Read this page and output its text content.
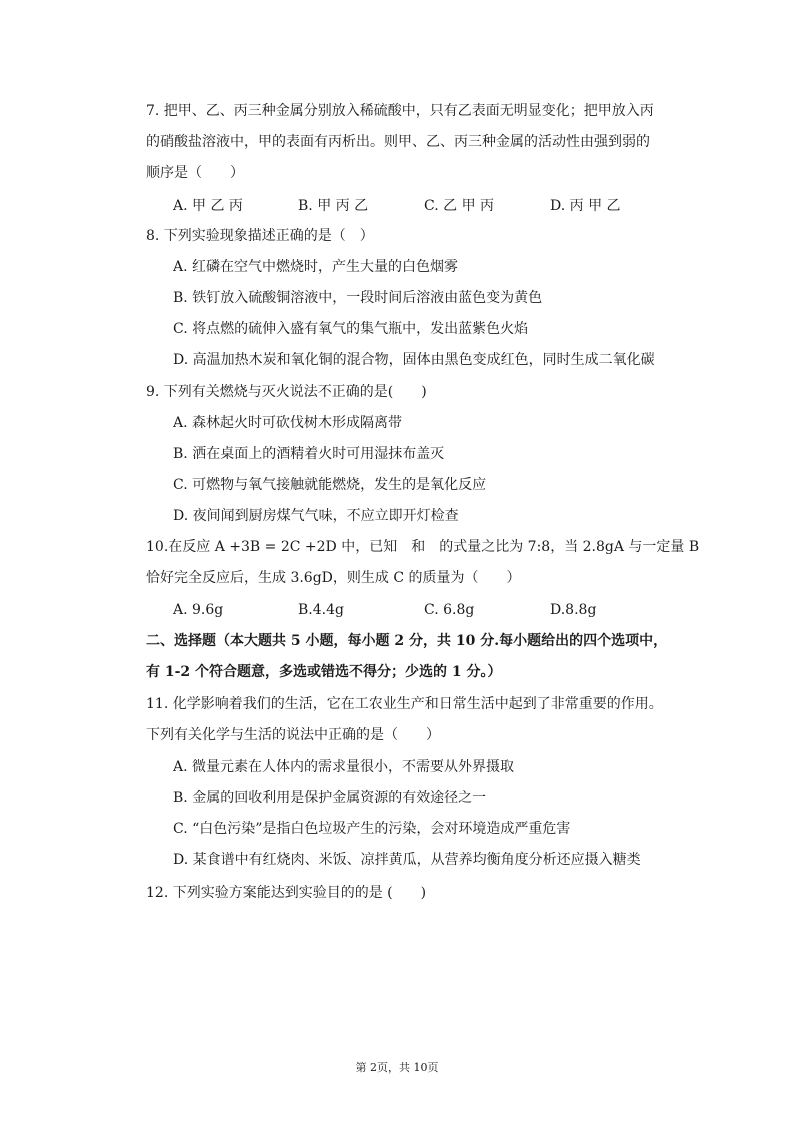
7. 把甲、乙、丙三种金属分别放入稀硫酸中，只有乙表面无明显变化；把甲放入丙
的硝酸盐溶液中，甲的表面有丙析出。则甲、乙、丙三种金属的活动性由强到弱的
顺序是（　　）
A. 甲 乙 丙	B. 甲 丙 乙	C. 乙 甲 丙	D. 丙 甲 乙
8. 下列实验现象描述正确的是（　）
A. 红磷在空气中燃烧时，产生大量的白色烟雾
B. 铁钉放入硫酸铜溶液中，一段时间后溶液由蓝色变为黄色
C. 将点燃的硫伸入盛有氧气的集气瓶中，发出蓝紫色火焰
D. 高温加热木炭和氧化铜的混合物，固体由黑色变成红色，同时生成二氧化碳
9. 下列有关燃烧与灭火说法不正确的是(　　)
A. 森林起火时可砍伐树木形成隔离带
B. 洒在桌面上的酒精着火时可用湿抹布盖灭
C. 可燃物与氧气接触就能燃烧，发生的是氧化反应
D. 夜间闻到厨房煤气气味，不应立即开灯检查
10.在反应 A +3B = 2C +2D 中，已知　和　的式量之比为 7:8，当 2.8gA 与一定量 B
恰好完全反应后，生成 3.6gD，则生成 C 的质量为（　　）
A. 9.6g	B.4.4g	C. 6.8g	D.8.8g
二、选择题（本大题共 5 小题，每小题 2 分，共 10 分.每小题给出的四个选项中，
有 1-2 个符合题意，多选或错选不得分；少选的 1 分。）
11. 化学影响着我们的生活，它在工农业生产和日常生活中起到了非常重要的作用。
下列有关化学与生活的说法中正确的是（　　）
A. 微量元素在人体内的需求量很小，不需要从外界摄取
B. 金属的回收利用是保护金属资源的有效途径之一
C. “白色污染”是指白色垃圾产生的污染，会对环境造成严重危害
D. 某食谱中有红烧肉、米饭、凉拌黄瓜，从营养均衡角度分析还应摄入糖类
12. 下列实验方案能达到实验目的的是 (　　)
第 2页，共 10页
